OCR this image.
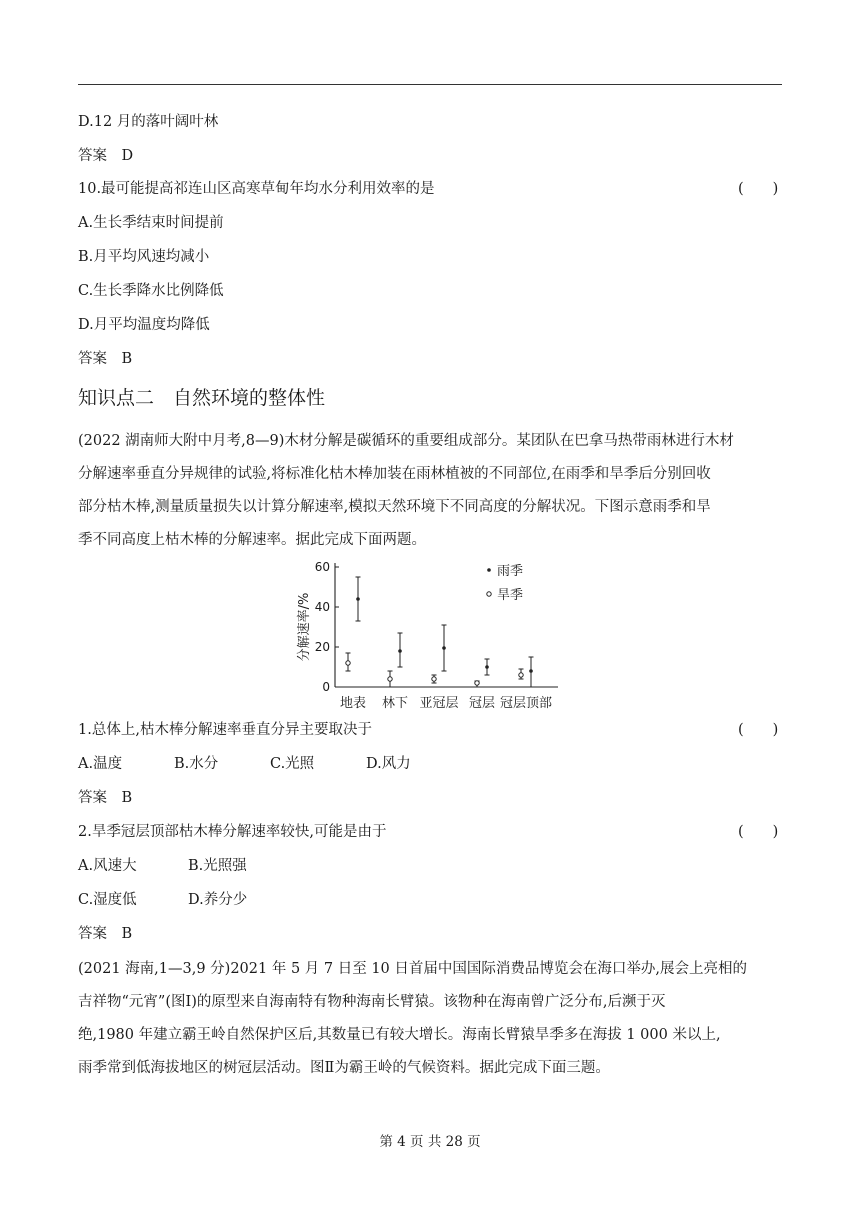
D.12 月的落叶阔叶林
答案　D
10.最可能提高祁连山区高寒草甸年均水分利用效率的是	(　　)
A.生长季结束时间提前
B.月平均风速均减小
C.生长季降水比例降低
D.月平均温度均降低
答案　B
知识点二　自然环境的整体性
(2022 湖南师大附中月考,8—9)木材分解是碳循环的重要组成部分。某团队在巴拿马热带雨林进行木材
分解速率垂直分异规律的试验,将标准化枯木棒加装在雨林植被的不同部位,在雨季和旱季后分别回收
部分枯木棒,测量质量损失以计算分解速率,模拟天然环境下不同高度的分解状况。下图示意雨季和旱
季不同高度上枯木棒的分解速率。据此完成下面两题。
0
20
40
60
分解速率/%
地表 林下 亚冠层 冠层 冠层顶部
雨季
旱季
1.总体上,枯木棒分解速率垂直分异主要取决于	(　　)
A.温度	B.水分	C.光照	D.风力
答案　B
2.旱季冠层顶部枯木棒分解速率较快,可能是由于	(　　)
A.风速大	B.光照强
C.湿度低	D.养分少
答案　B
(2021 海南,1—3,9 分)2021 年 5 月 7 日至 10 日首届中国国际消费品博览会在海口举办,展会上亮相的
吉祥物“元宵”(图Ⅰ)的原型来自海南特有物种海南长臂猿。该物种在海南曾广泛分布,后濒于灭
绝,1980 年建立霸王岭自然保护区后,其数量已有较大增长。海南长臂猿旱季多在海拔 1 000 米以上,
雨季常到低海拔地区的树冠层活动。图Ⅱ为霸王岭的气候资料。据此完成下面三题。
第 4 页 共 28 页
